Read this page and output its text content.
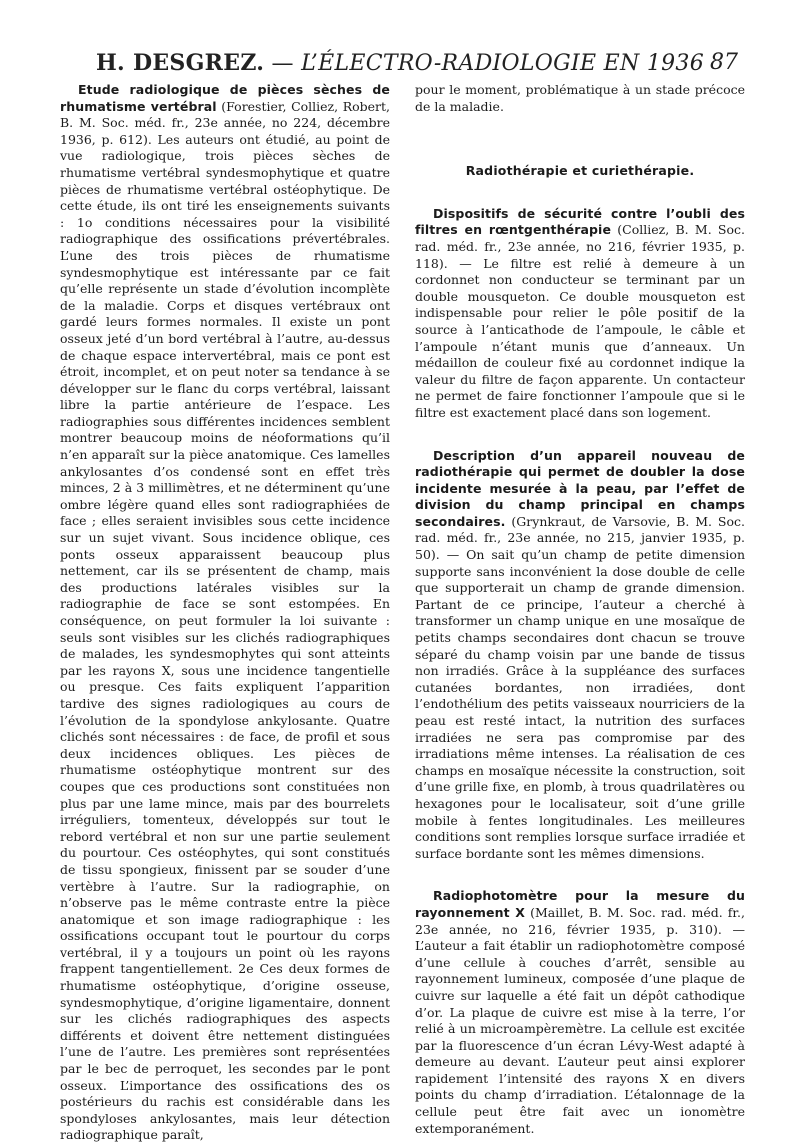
H. DESGREZ. — L’ÉLECTRO-RADIOLOGIE EN 1936 87

Etude radiologique de pièces sèches de rhumatisme vertébral (Forestier, Colliez, Robert, B. M. Soc. méd. fr., 23e année, no 224, décembre 1936, p. 612). Les auteurs ont étudié, au point de vue radiologique, trois pièces sèches de rhumatisme vertébral syndesmophytique et quatre pièces de rhumatisme vertébral ostéophytique. De cette étude, ils ont tiré les enseignements suivants : 1o conditions nécessaires pour la visibilité radiographique des ossifications prévertébrales. L’une des trois pièces de rhumatisme syndesmophytique est intéressante par ce fait qu’elle représente un stade d’évolution incomplète de la maladie. Corps et disques vertébraux ont gardé leurs formes normales. Il existe un pont osseux jeté d’un bord vertébral à l’autre, au-dessus de chaque espace intervertébral, mais ce pont est étroit, incomplet, et on peut noter sa tendance à se développer sur le flanc du corps vertébral, laissant libre la partie antérieure de l’espace. Les radiographies sous différentes incidences semblent montrer beaucoup moins de néoformations qu’il n’en apparaît sur la pièce anatomique. Ces lamelles ankylosantes d’os condensé sont en effet très minces, 2 à 3 millimètres, et ne déterminent qu’une ombre légère quand elles sont radiographiées de face ; elles seraient invisibles sous cette incidence sur un sujet vivant. Sous incidence oblique, ces ponts osseux apparaissent beaucoup plus nettement, car ils se présentent de champ, mais des productions latérales visibles sur la radiographie de face se sont estompées. En conséquence, on peut formuler la loi suivante : seuls sont visibles sur les clichés radiographiques de malades, les syndesmophytes qui sont atteints par les rayons X, sous une incidence tangentielle ou presque. Ces faits expliquent l’apparition tardive des signes radiologiques au cours de l’évolution de la spondylose ankylosante. Quatre clichés sont nécessaires : de face, de profil et sous deux incidences obliques. Les pièces de rhumatisme ostéophytique montrent sur des coupes que ces productions sont constituées non plus par une lame mince, mais par des bourrelets irréguliers, tomenteux, développés sur tout le rebord vertébral et non sur une partie seulement du pourtour. Ces ostéophytes, qui sont constitués de tissu spongieux, finissent par se souder d’une vertèbre à l’autre. Sur la radiographie, on n’observe pas le même contraste entre la pièce anatomique et son image radiographique : les ossifications occupant tout le pourtour du corps vertébral, il y a toujours un point où les rayons frappent tangentiellement. 2e Ces deux formes de rhumatisme ostéophytique, d’origine osseuse, syndesmophytique, d’origine ligamentaire, donnent sur les clichés radiographiques des aspects différents et doivent être nettement distinguées l’une de l’autre. Les premières sont représentées par le bec de perroquet, les secondes par le pont osseux. L’importance des ossifications des os postérieurs du rachis est considérable dans les spondyloses ankylosantes, mais leur détection radiographique paraît,

pour le moment, problématique à un stade précoce de la maladie.

Radiothérapie et curiethérapie.

Dispositifs de sécurité contre l’oubli des filtres en rœntgenthérapie (Colliez, B. M. Soc. rad. méd. fr., 23e année, no 216, février 1935, p. 118). — Le filtre est relié à demeure à un cordonnet non conducteur se terminant par un double mousqueton. Ce double mousqueton est indispensable pour relier le pôle positif de la source à l’anticathode de l’ampoule, le câble et l’ampoule n’étant munis que d’anneaux. Un médaillon de couleur fixé au cordonnet indique la valeur du filtre de façon apparente. Un contacteur ne permet de faire fonctionner l’ampoule que si le filtre est exactement placé dans son logement.

Description d’un appareil nouveau de radiothérapie qui permet de doubler la dose incidente mesurée à la peau, par l’effet de division du champ principal en champs secondaires. (Grynkraut, de Varsovie, B. M. Soc. rad. méd. fr., 23e année, no 215, janvier 1935, p. 50). — On sait qu’un champ de petite dimension supporte sans inconvénient la dose double de celle que supporterait un champ de grande dimension. Partant de ce principe, l’auteur a cherché à transformer un champ unique en une mosaïque de petits champs secondaires dont chacun se trouve séparé du champ voisin par une bande de tissus non irradiés. Grâce à la suppléance des surfaces cutanées bordantes, non irradiées, dont l’endothélium des petits vaisseaux nourriciers de la peau est resté intact, la nutrition des surfaces irradiées ne sera pas compromise par des irradiations même intenses. La réalisation de ces champs en mosaïque nécessite la construction, soit d’une grille fixe, en plomb, à trous quadrilatères ou hexagones pour le localisateur, soit d’une grille mobile à fentes longitudinales. Les meilleures conditions sont remplies lorsque surface irradiée et surface bordante sont les mêmes dimensions.

Radiophotomètre pour la mesure du rayonnement X (Maillet, B. M. Soc. rad. méd. fr., 23e année, no 216, février 1935, p. 310). — L’auteur a fait établir un radiophotomètre composé d’une cellule à couches d’arrêt, sensible au rayonnement lumineux, composée d’une plaque de cuivre sur laquelle a été fait un dépôt cathodique d’or. La plaque de cuivre est mise à la terre, l’or relié à un microampèremètre. La cellule est excitée par la fluorescence d’un écran Lévy-West adapté à demeure au devant. L’auteur peut ainsi explorer rapidement l’intensité des rayons X en divers points du champ d’irradiation. L’étalonnage de la cellule peut être fait avec un ionomètre extemporanément.
